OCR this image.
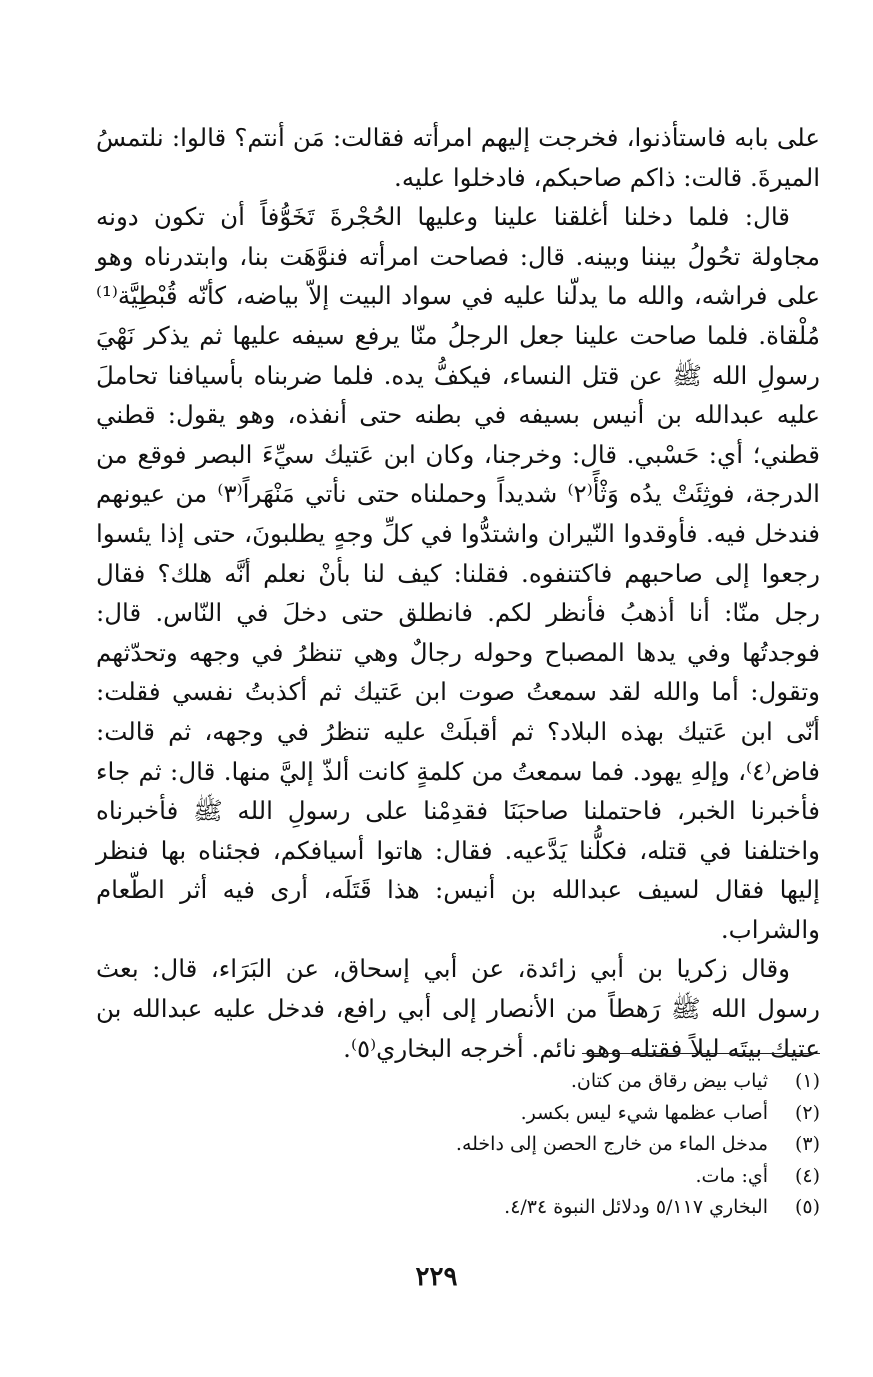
على بابه فاستأذنوا، فخرجت إليهم امرأته فقالت: مَن أنتم؟ قالوا: نلتمسُ الميرةَ. قالت: ذاكم صاحبكم، فادخلوا عليه.

قال: فلما دخلنا أغلقنا علينا وعليها الحُجْرةَ تَخَوُّفاً أن تكون دونه مجاولة تحُولُ بيننا وبينه. قال: فصاحت امرأته فنوَّهَت بنا، وابتدرناه وهو على فراشه، والله ما يدلّنا عليه في سواد البيت إلاّ بياضه، كأنّه قُبْطِيَّة⁽¹⁾ مُلْقاة. فلما صاحت علينا جعل الرجلُ منّا يرفع سيفه عليها ثم يذكر نَهْيَ رسولِ الله ﷺ عن قتل النساء، فيكفُّ يده. فلما ضربناه بأسيافنا تحاملَ عليه عبدالله بن أنيس بسيفه في بطنه حتى أنفذه، وهو يقول: قطني قطني؛ أي: حَسْبي. قال: وخرجنا، وكان ابن عَتيك سيِّءَ البصر فوقع من الدرجة، فوثِئَتْ يدُه وَثْأً⁽٢⁾ شديداً وحملناه حتى نأتي مَنْهَراً⁽٣⁾ من عيونهم فندخل فيه. فأوقدوا النّيران واشتدُّوا في كلِّ وجهٍ يطلبونَ، حتى إذا يئسوا رجعوا إلى صاحبهم فاكتنفوه. فقلنا: كيف لنا بأنْ نعلم أنَّه هلك؟ فقال رجل منّا: أنا أذهبُ فأنظر لكم. فانطلق حتى دخلَ في النّاس. قال: فوجدتُها وفي يدها المصباح وحوله رجالٌ وهي تنظرُ في وجهه وتحدّثهم وتقول: أما والله لقد سمعتُ صوت ابن عَتيك ثم أكذبتُ نفسي فقلت: أنّى ابن عَتيك بهذه البلاد؟ ثم أقبلَتْ عليه تنظرُ في وجهه، ثم قالت: فاض⁽٤⁾، وإلهِ يهود. فما سمعتُ من كلمةٍ كانت ألذّ إليَّ منها. قال: ثم جاء فأخبرنا الخبر، فاحتملنا صاحبَنَا فقدِمْنا على رسولِ الله ﷺ فأخبرناه واختلفنا في قتله، فكلُّنا يَدَّعيه. فقال: هاتوا أسيافكم، فجئناه بها فنظر إليها فقال لسيف عبدالله بن أنيس: هذا قَتَلَه، أرى فيه أثر الطّعام والشراب.

وقال زكريا بن أبي زائدة، عن أبي إسحاق، عن البَرَاء، قال: بعث رسول الله ﷺ رَهطاً من الأنصار إلى أبي رافع، فدخل عليه عبدالله بن عتيك بيتَه ليلاً فقتله وهو نائم. أخرجه البخاري⁽٥⁾.

(١)ثياب بيض رقاق من كتان.
(٢)أصاب عظمها شيء ليس بكسر.
(٣)مدخل الماء من خارج الحصن إلى داخله.
(٤)أي: مات.
(٥)البخاري ٥/١١٧ ودلائل النبوة ٤/٣٤.
٢٢٩
